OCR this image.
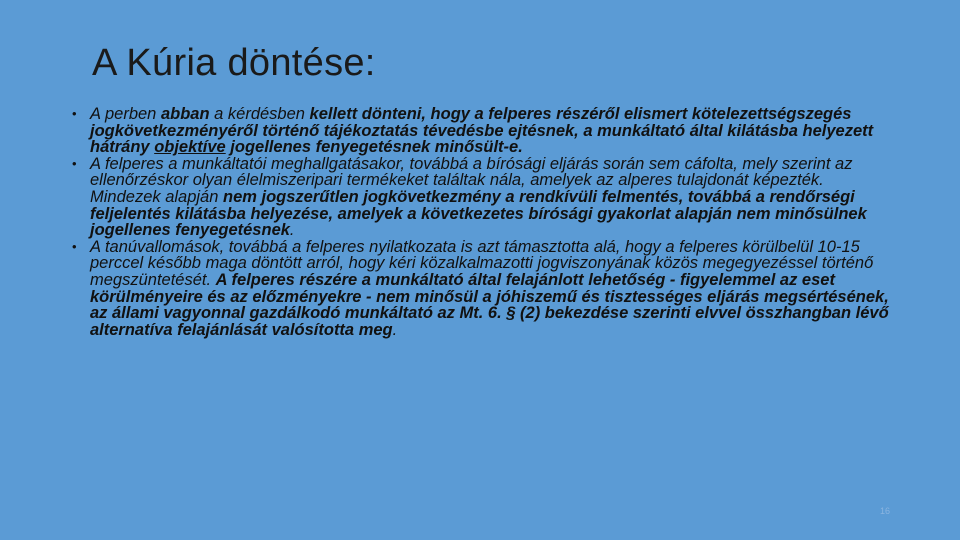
A Kúria döntése:
• A perben abban a kérdésben kellett dönteni, hogy a felperes részéről elismert kötelezettségszegés jogkövetkezményéről történő tájékoztatás tévedésbe ejtésnek, a munkáltató által kilátásba helyezett hátrány objektíve jogellenes fenyegetésnek minősült-e.
• A felperes a munkáltatói meghallgatásakor, továbbá a bírósági eljárás során sem cáfolta, mely szerint az ellenőrzéskor olyan élelmiszeripari termékeket találtak nála, amelyek az alperes tulajdonát képezték. Mindezek alapján nem jogszerűtlen jogkövetkezmény a rendkívüli felmentés, továbbá a rendőrségi feljelentés kilátásba helyezése, amelyek a következetes bírósági gyakorlat alapján nem minősülnek jogellenes fenyegetésnek.
• A tanúvallomások, továbbá a felperes nyilatkozata is azt támasztotta alá, hogy a felperes körülbelül 10-15 perccel később maga döntött arról, hogy kéri közalkalmazotti jogviszonyának közös megegyezéssel történő megszüntetését. A felperes részére a munkáltató által felajánlott lehetőség - figyelemmel az eset körülményeire és az előzményekre - nem minősül a jóhiszemű és tisztességes eljárás megsértésének, az állami vagyonnal gazdálkodó munkáltató az Mt. 6. § (2) bekezdése szerinti elvvel összhangban lévő alternatíva felajánlását valósította meg.
16
